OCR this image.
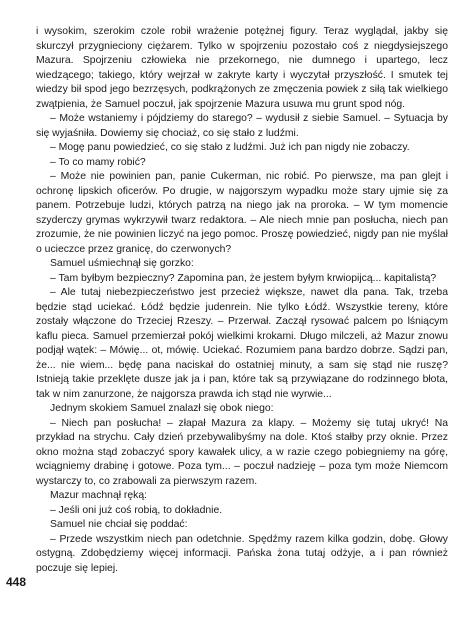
i wysokim, szerokim czole robił wrażenie potężnej figury. Teraz wyglądał, jakby się skurczył przygnieciony ciężarem. Tylko w spojrzeniu pozostało coś z niegdysiejszego Mazura. Spojrzeniu człowieka nie przekornego, nie dumnego i upartego, lecz wiedzącego; takiego, który wejrzał w zakryte karty i wyczytał przyszłość. I smutek tej wiedzy bił spod jego bezrzęsych, podkrążonych ze zmęczenia powiek z siłą tak wielkiego zwątpienia, że Samuel poczuł, jak spojrzenie Mazura usuwa mu grunt spod nóg.

– Może wstaniemy i pójdziemy do starego? – wydusił z siebie Samuel. – Sytuacja by się wyjaśniła. Dowiemy się chociaż, co się stało z ludźmi.

– Mogę panu powiedzieć, co się stało z ludźmi. Już ich pan nigdy nie zobaczy.

– To co mamy robić?

– Może nie powinien pan, panie Cukerman, nic robić. Po pierwsze, ma pan glejt i ochronę lipskich oficerów. Po drugie, w najgorszym wypadku może stary ujmie się za panem. Potrzebuje ludzi, których patrzą na niego jak na proroka. – W tym momencie szyderczy grymas wykrzywił twarz redaktora. – Ale niech mnie pan posłucha, niech pan zrozumie, że nie powinien liczyć na jego pomoc. Proszę powiedzieć, nigdy pan nie myślał o ucieczce przez granicę, do czerwonych?

Samuel uśmiechnął się gorzko:

– Tam byłbym bezpieczny? Zapomina pan, że jestem byłym krwiopijcą... kapitalistą?

– Ale tutaj niebezpieczeństwo jest przecież większe, nawet dla pana. Tak, trzeba będzie stąd uciekać. Łódź będzie judenrein. Nie tylko Łódź. Wszystkie tereny, które zostały włączone do Trzeciej Rzeszy. – Przerwał. Zaczął rysować palcem po lśniącym kaflu pieca. Samuel przemierzał pokój wielkimi krokami. Długo milczeli, aż Mazur znowu podjął wątek: – Mówię... ot, mówię. Uciekać. Rozumiem pana bardzo dobrze. Sądzi pan, że... nie wiem... będę pana naciskał do ostatniej minuty, a sam się stąd nie ruszę? Istnieją takie przeklęte dusze jak ja i pan, które tak są przywiązane do rodzinnego błota, tak w nim zanurzone, że najgorsza prawda ich stąd nie wyrwie...

Jednym skokiem Samuel znalazł się obok niego:

– Niech pan posłucha! – złapał Mazura za klapy. – Możemy się tutaj ukryć! Na przykład na strychu. Cały dzień przebywalibyśmy na dole. Ktoś stałby przy oknie. Przez okno można stąd zobaczyć spory kawałek ulicy, a w razie czego pobiegniemy na górę, wciągniemy drabinę i gotowe. Poza tym... – poczuł nadzieję – poza tym może Niemcom wystarczy to, co zrabowali za pierwszym razem.

Mazur machnął ręką:

– Jeśli oni już coś robią, to dokładnie.

Samuel nie chciał się poddać:

– Przede wszystkim niech pan odetchnie. Spędźmy razem kilka godzin, dobę. Głowy ostygną. Zdobędziemy więcej informacji. Pańska żona tutaj odżyje, a i pan również poczuje się lepiej.

448
